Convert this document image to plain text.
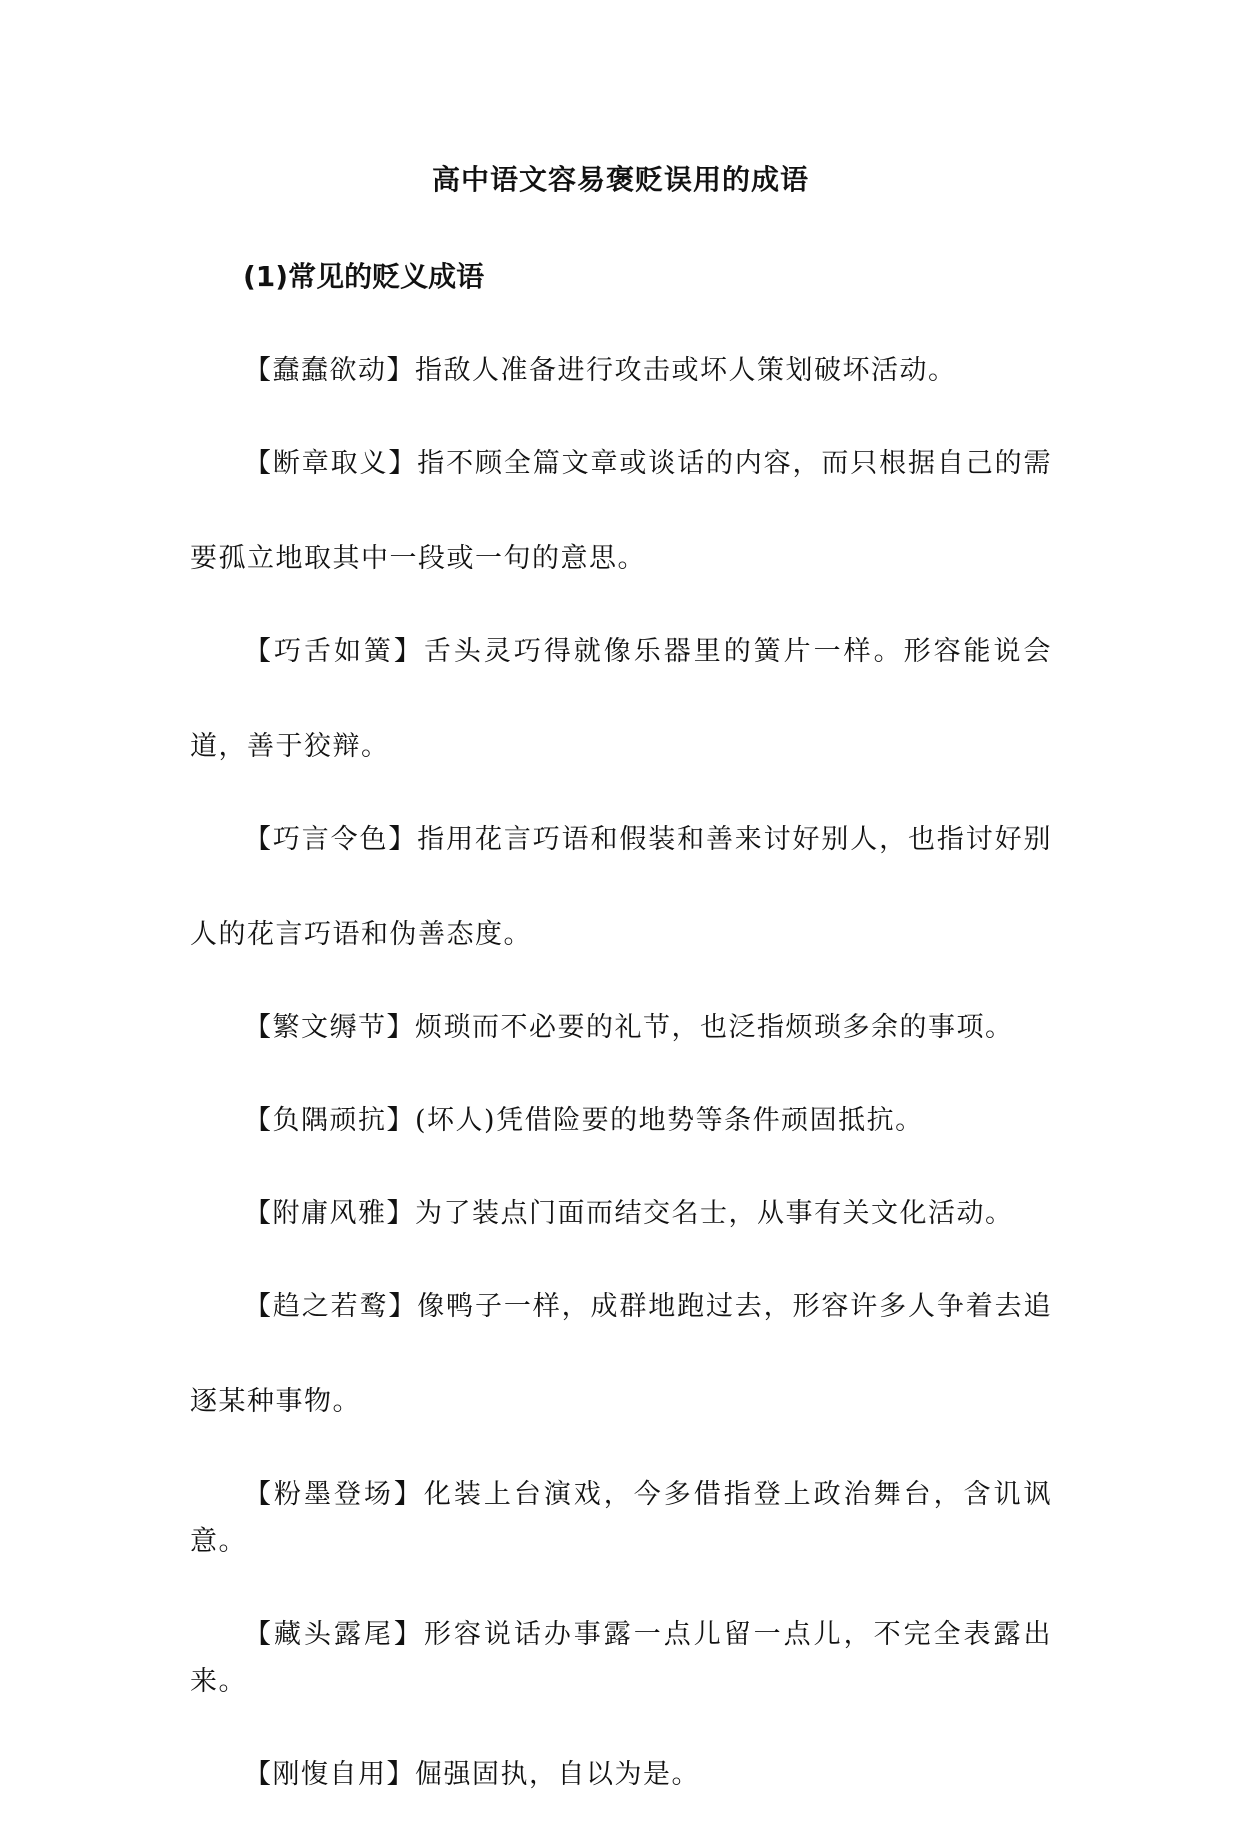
高中语文容易褒贬误用的成语
(1)常见的贬义成语
【蠢蠢欲动】指敌人准备进行攻击或坏人策划破坏活动。
【断章取义】指不顾全篇文章或谈话的内容，而只根据自己的需要孤立地取其中一段或一句的意思。
【巧舌如簧】舌头灵巧得就像乐器里的簧片一样。形容能说会道，善于狡辩。
【巧言令色】指用花言巧语和假装和善来讨好别人，也指讨好别人的花言巧语和伪善态度。
【繁文缛节】烦琐而不必要的礼节，也泛指烦琐多余的事项。
【负隅顽抗】(坏人)凭借险要的地势等条件顽固抵抗。
【附庸风雅】为了装点门面而结交名士，从事有关文化活动。
【趋之若鹜】像鸭子一样，成群地跑过去，形容许多人争着去追逐某种事物。
【粉墨登场】化装上台演戏，今多借指登上政治舞台，含讥讽意。
【藏头露尾】形容说话办事露一点儿留一点儿，不完全表露出来。
【刚愎自用】倔强固执，自以为是。
